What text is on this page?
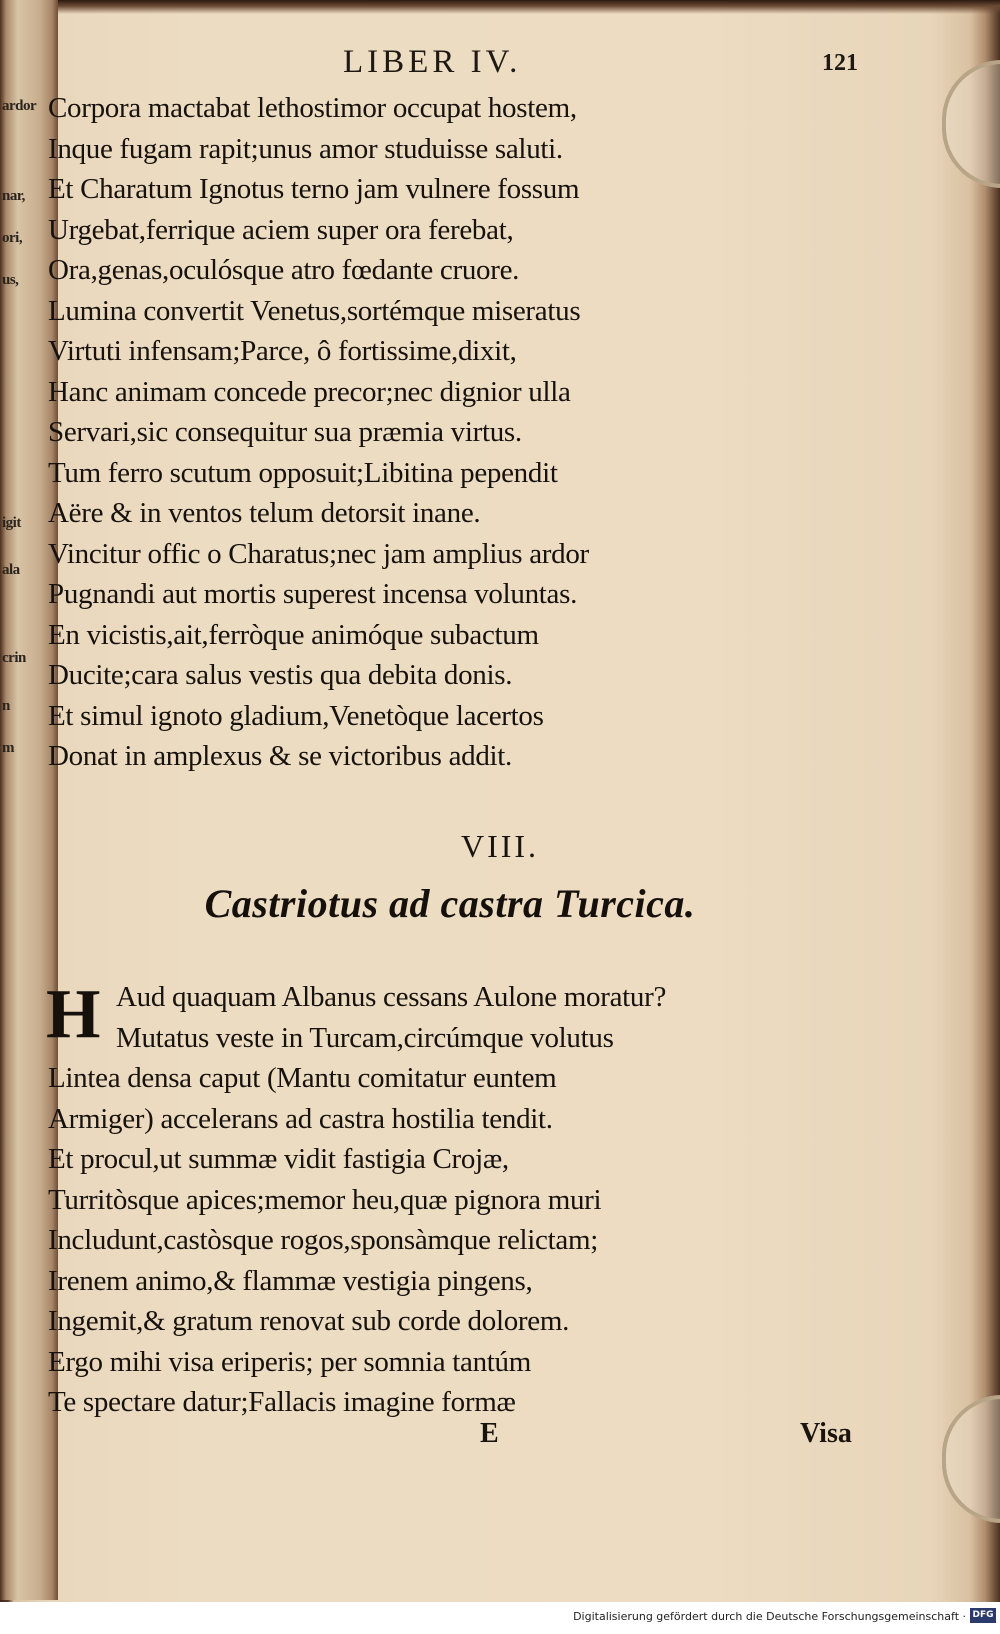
ardor
nar,
ori,
us,
igit
ala
crin
n
m
LIBER IV.	121
Corpora mactabat lethostimor occupat hostem,
Inque fugam rapit;unus amor studuisse saluti.
Et Charatum Ignotus terno jam vulnere fossum
Urgebat,ferrique aciem super ora ferebat,
Ora,genas,oculósque atro fœdante cruore.
Lumina convertit Venetus,sortémque miseratus
Virtuti infensam;Parce, ô fortissime,dixit,
Hanc animam concede precor;nec dignior ulla
Servari,sic consequitur sua præmia virtus.
Tum ferro scutum opposuit;Libitina pependit
Aëre & in ventos telum detorsit inane.
Vincitur offic o Charatus;nec jam amplius ardor
Pugnandi aut mortis superest incensa voluntas.
En vicistis,ait,ferròque animóque subactum
Ducite;cara salus vestis qua debita donis.
Et simul ignoto gladium,Venetòque lacertos
Donat in amplexus & se victoribus addit.
VIII.
Castriotus ad castra Turcica.
H Aud quaquam Albanus cessans Aulone moratur?
Mutatus veste in Turcam,circúmque volutus
Lintea densa caput (Mantu comitatur euntem
Armiger) accelerans ad castra hostilia tendit.
Et procul,ut summæ vidit fastigia Crojæ,
Turritòsque apices;memor heu,quæ pignora muri
Includunt,castòsque rogos,sponsàmque relictam;
Irenem animo,& flammæ vestigia pingens,
Ingemit,& gratum renovat sub corde dolorem.
Ergo mihi visa eriperis; per somnia tantúm
Te spectare datur;Fallacis imagine formæ
E	Visa
Digitalisierung gefördert durch die Deutsche Forschungsgemeinschaft · DFG
